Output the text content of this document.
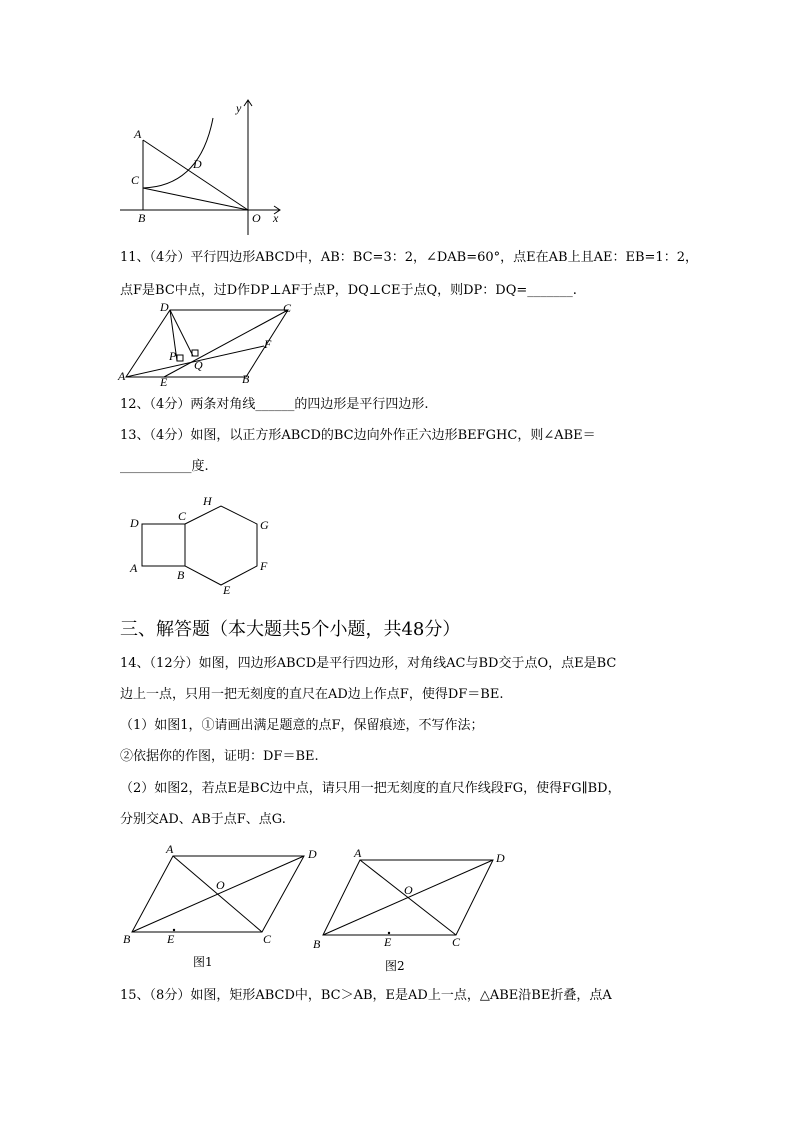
y
A
D
C
B	O x
11、（4分）平行四边形ABCD中，AB：BC=3：2，∠DAB=60°，点E在AB上且AE：EB=1：2，
点F是BC中点，过D作DP⊥AF于点P，DQ⊥CE于点Q，则DP：DQ=_______.
D	C
P
Q
F
A	E	B
12、（4分）两条对角线______的四边形是平行四边形.
13、（4分）如图，以正方形ABCD的BC边向外作正六边形BEFGHC，则∠ABE＝
___________度.
D	C
H
G
A	B
F
E
三、解答题（本大题共5个小题，共48分）
14、（12分）如图，四边形ABCD是平行四边形，对角线AC与BD交于点O，点E是BC
边上一点，只用一把无刻度的直尺在AD边上作点F，使得DF＝BE.
（1）如图1，①请画出满足题意的点F，保留痕迹，不写作法；
②依据你的作图，证明：DF＝BE.
（2）如图2，若点E是BC边中点，请只用一把无刻度的直尺作线段FG，使得FG∥BD，
分别交AD、AB于点F、点G.
A	D
O
B	E	C
A	D
O
B	E	C
图1	图2
15、（8分）如图，矩形ABCD中，BC＞AB，E是AD上一点，△ABE沿BE折叠，点A
